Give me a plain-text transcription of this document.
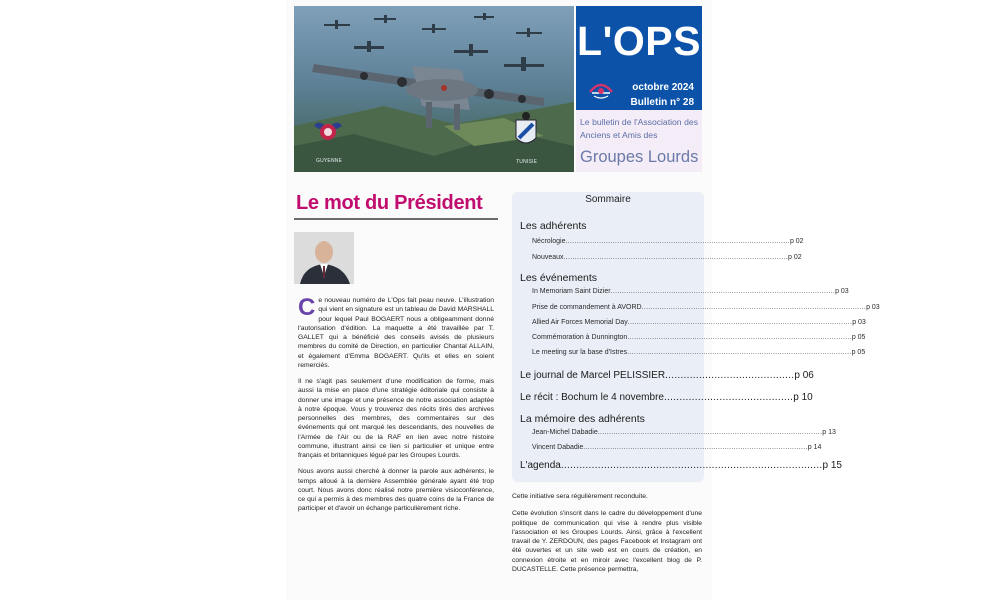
GUYENNE	TUNISIE
L'OPS
octobre 2024
Bulletin n° 28
Le bulletin de l'Association des Anciens et Amis des
Groupes Lourds
Le mot du Président

Ce nouveau numéro de L'Ops fait peau neuve. L'illustration qui vient en signature est un tableau de David MARSHALL pour lequel Paul BOGAERT nous a obligeamment donné l'autorisation d'édition. La maquette a été travaillée par T. GALLET qui a bénéficié des conseils avisés de plusieurs membres du comité de Direction, en particulier Chantal ALLAIN, et également d'Emma BOGAERT. Qu'ils et elles en soient remerciés.

Il ne s'agit pas seulement d'une modification de forme, mais aussi la mise en place d'une stratégie éditoriale qui consiste à donner une image et une présence de notre association adaptée à notre époque. Vous y trouverez des récits tirés des archives personnelles des membres, des commentaires sur des événements qui ont marqué les descendants, des nouvelles de l'Armée de l'Air ou de la RAF en lien avec notre histoire commune, illustrant ainsi ce lien si particulier et unique entre français et britanniques légué par les Groupes Lourds.

Nous avons aussi cherché à donner la parole aux adhérents, le temps alloué à la dernière Assemblée générale ayant été trop court. Nous avons donc réalisé notre première visioconférence, ce qui a permis à des membres des quatre coins de la France de participer et d'avoir un échange particulièrement riche.

Sommaire
Les adhérents
Nécrologie .................................................................................................... p 02
Nouveaux .................................................................................................... p 02
Les événements
In Memoriam Saint Dizier .................................................................................................... p 03
Prise de commandement à AVORD .................................................................................................... p 03
Allied Air Forces Memorial Day .................................................................................................... p 03
Commémoration à Dunnington .................................................................................................... p 05
Le meeting sur la base d'Istres .................................................................................................... p 05
Le journal de Marcel PELISSIER .......................................... p 06
Le récit : Bochum le 4 novembre .......................................... p 10
La mémoire des adhérents
Jean-Michel Dabadie .................................................................................................... p 13
Vincent Dabadie .................................................................................................... p 14
L'agenda ..................................................................................... p 15

Cette initiative sera régulièrement reconduite.

Cette évolution s'inscrit dans le cadre du développement d'une politique de communication qui vise à rendre plus visible l'association et les Groupes Lourds. Ainsi, grâce à l'excellent travail de Y. ZERDOUN, des pages Facebook et Instagram ont été ouvertes et un site web est en cours de création, en connexion étroite et en miroir avec l'excellent blog de P. DUCASTELLE. Cette présence permettra,
